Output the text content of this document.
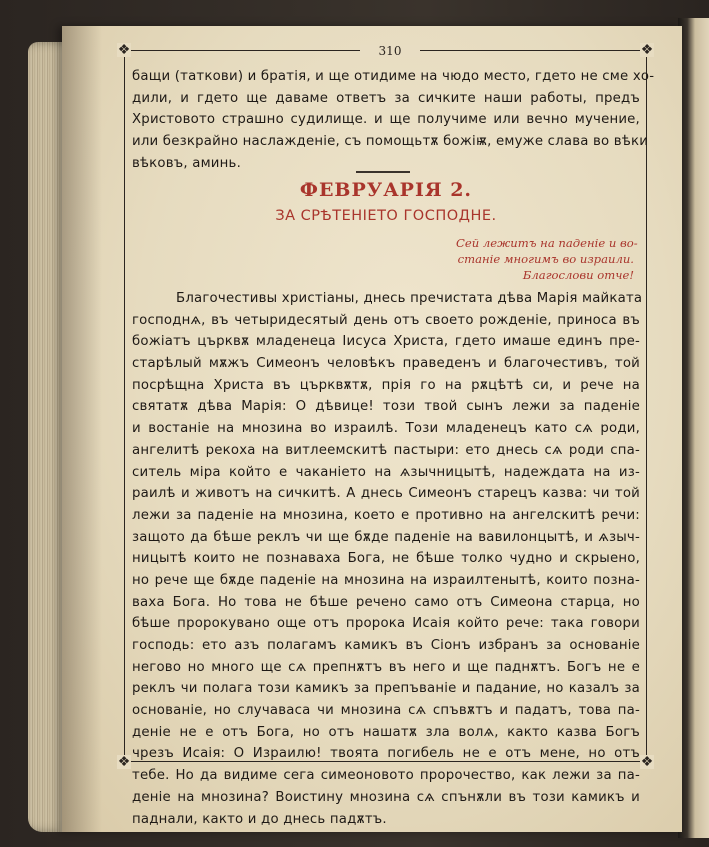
❖	❖
❖	❖
310
бащи (таткови) и братія, и ще отидиме на чюдо место, гдето не сме хо-
дили, и гдето ще даваме ответъ за сичките наши работы, предъ
Христовото страшно судилище. и ще получиме или вечно мучение,
или безкрайно наслажденіе, съ помощьтѫ божіѭ, емуже слава во вѣки
вѣковъ, аминь.
ФЕВРУАРІЯ 2.
ЗА СРѢТЕНІЕТО ГОСПОДНЕ.
Сей лежитъ на паденіе и во-
станіе многимъ во израили.
Благослови отче!
Благочестивы христіаны, днесь пречистата дѣва Марія майката
господнѧ, въ четыридесятый день отъ своето рожденіе, приноса въ
божіатъ църквѫ младенеца Іисуса Христа, гдето имаше единъ пре-
старѣлый мѫжъ Симеонъ человѣкъ праведенъ и благочестивъ, той
посрѣщна Христа въ църквѫтѫ, прія го на рѫцѣтѣ си, и рече на
святатѫ дѣва Марія: О дѣвице! този твой сынъ лежи за паденіе
и востаніе на мнозина во израилѣ. Този младенецъ като сѧ роди,
ангелитѣ рекоха на витлеемскитѣ пастыри: ето днесь сѧ роди спа-
ситель міра който е чаканіето на ѧзычницытѣ, надеждата на из-
раилѣ и животъ на сичкитѣ. А днесь Симеонъ старецъ казва: чи той
лежи за паденіе на мнозина, което е противно на ангелскитѣ речи:
защото да бѣше реклъ чи ще бѫде паденіе на вавилонцытѣ, и ѧзыч-
ницытѣ които не познаваха Бога, не бѣше толко чудно и скрыено,
но рече ще бѫде паденіе на мнозина на израилтенытѣ, които позна-
ваха Бога. Но това не бѣше речено само отъ Симеона старца, но
бѣше пророкувано още отъ пророка Исаія който рече: така говори
господь: ето азъ полагамъ камикъ въ Сіонъ избранъ за основаніе
негово но много ще сѧ препнѫтъ въ него и ще паднѫтъ. Богъ не е
реклъ чи полага този камикъ за препъваніе и падание, но казалъ за
основаніе, но случаваса чи мнозина сѧ спъвѫтъ и падатъ, това па-
деніе не е отъ Бога, но отъ нашатѫ зла волѧ, както казва Богъ
чрезъ Исаія: О Израилю! твоята погибель не е отъ мене, но отъ
тебе. Но да видиме сега симеоновото пророчество, как лежи за па-
деніе на мнозина? Воистину мнозина сѧ спънѫли въ този камикъ и
паднали, както и до днесь падѫтъ.
